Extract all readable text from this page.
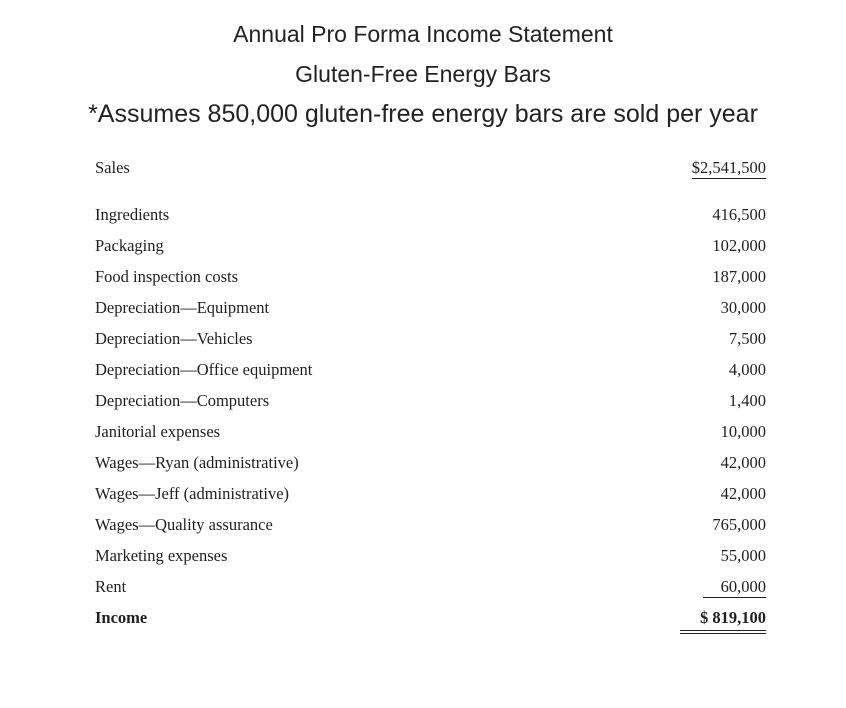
Annual Pro Forma Income Statement
Gluten-Free Energy Bars
*Assumes 850,000 gluten-free energy bars are sold per year
Sales	$2,541,500
Ingredients	416,500
Packaging	102,000
Food inspection costs	187,000
Depreciation—Equipment	30,000
Depreciation—Vehicles	7,500
Depreciation—Office equipment	4,000
Depreciation—Computers	1,400
Janitorial expenses	10,000
Wages—Ryan (administrative)	42,000
Wages—Jeff (administrative)	42,000
Wages—Quality assurance	765,000
Marketing expenses	55,000
Rent	60,000
Income	$ 819,100
